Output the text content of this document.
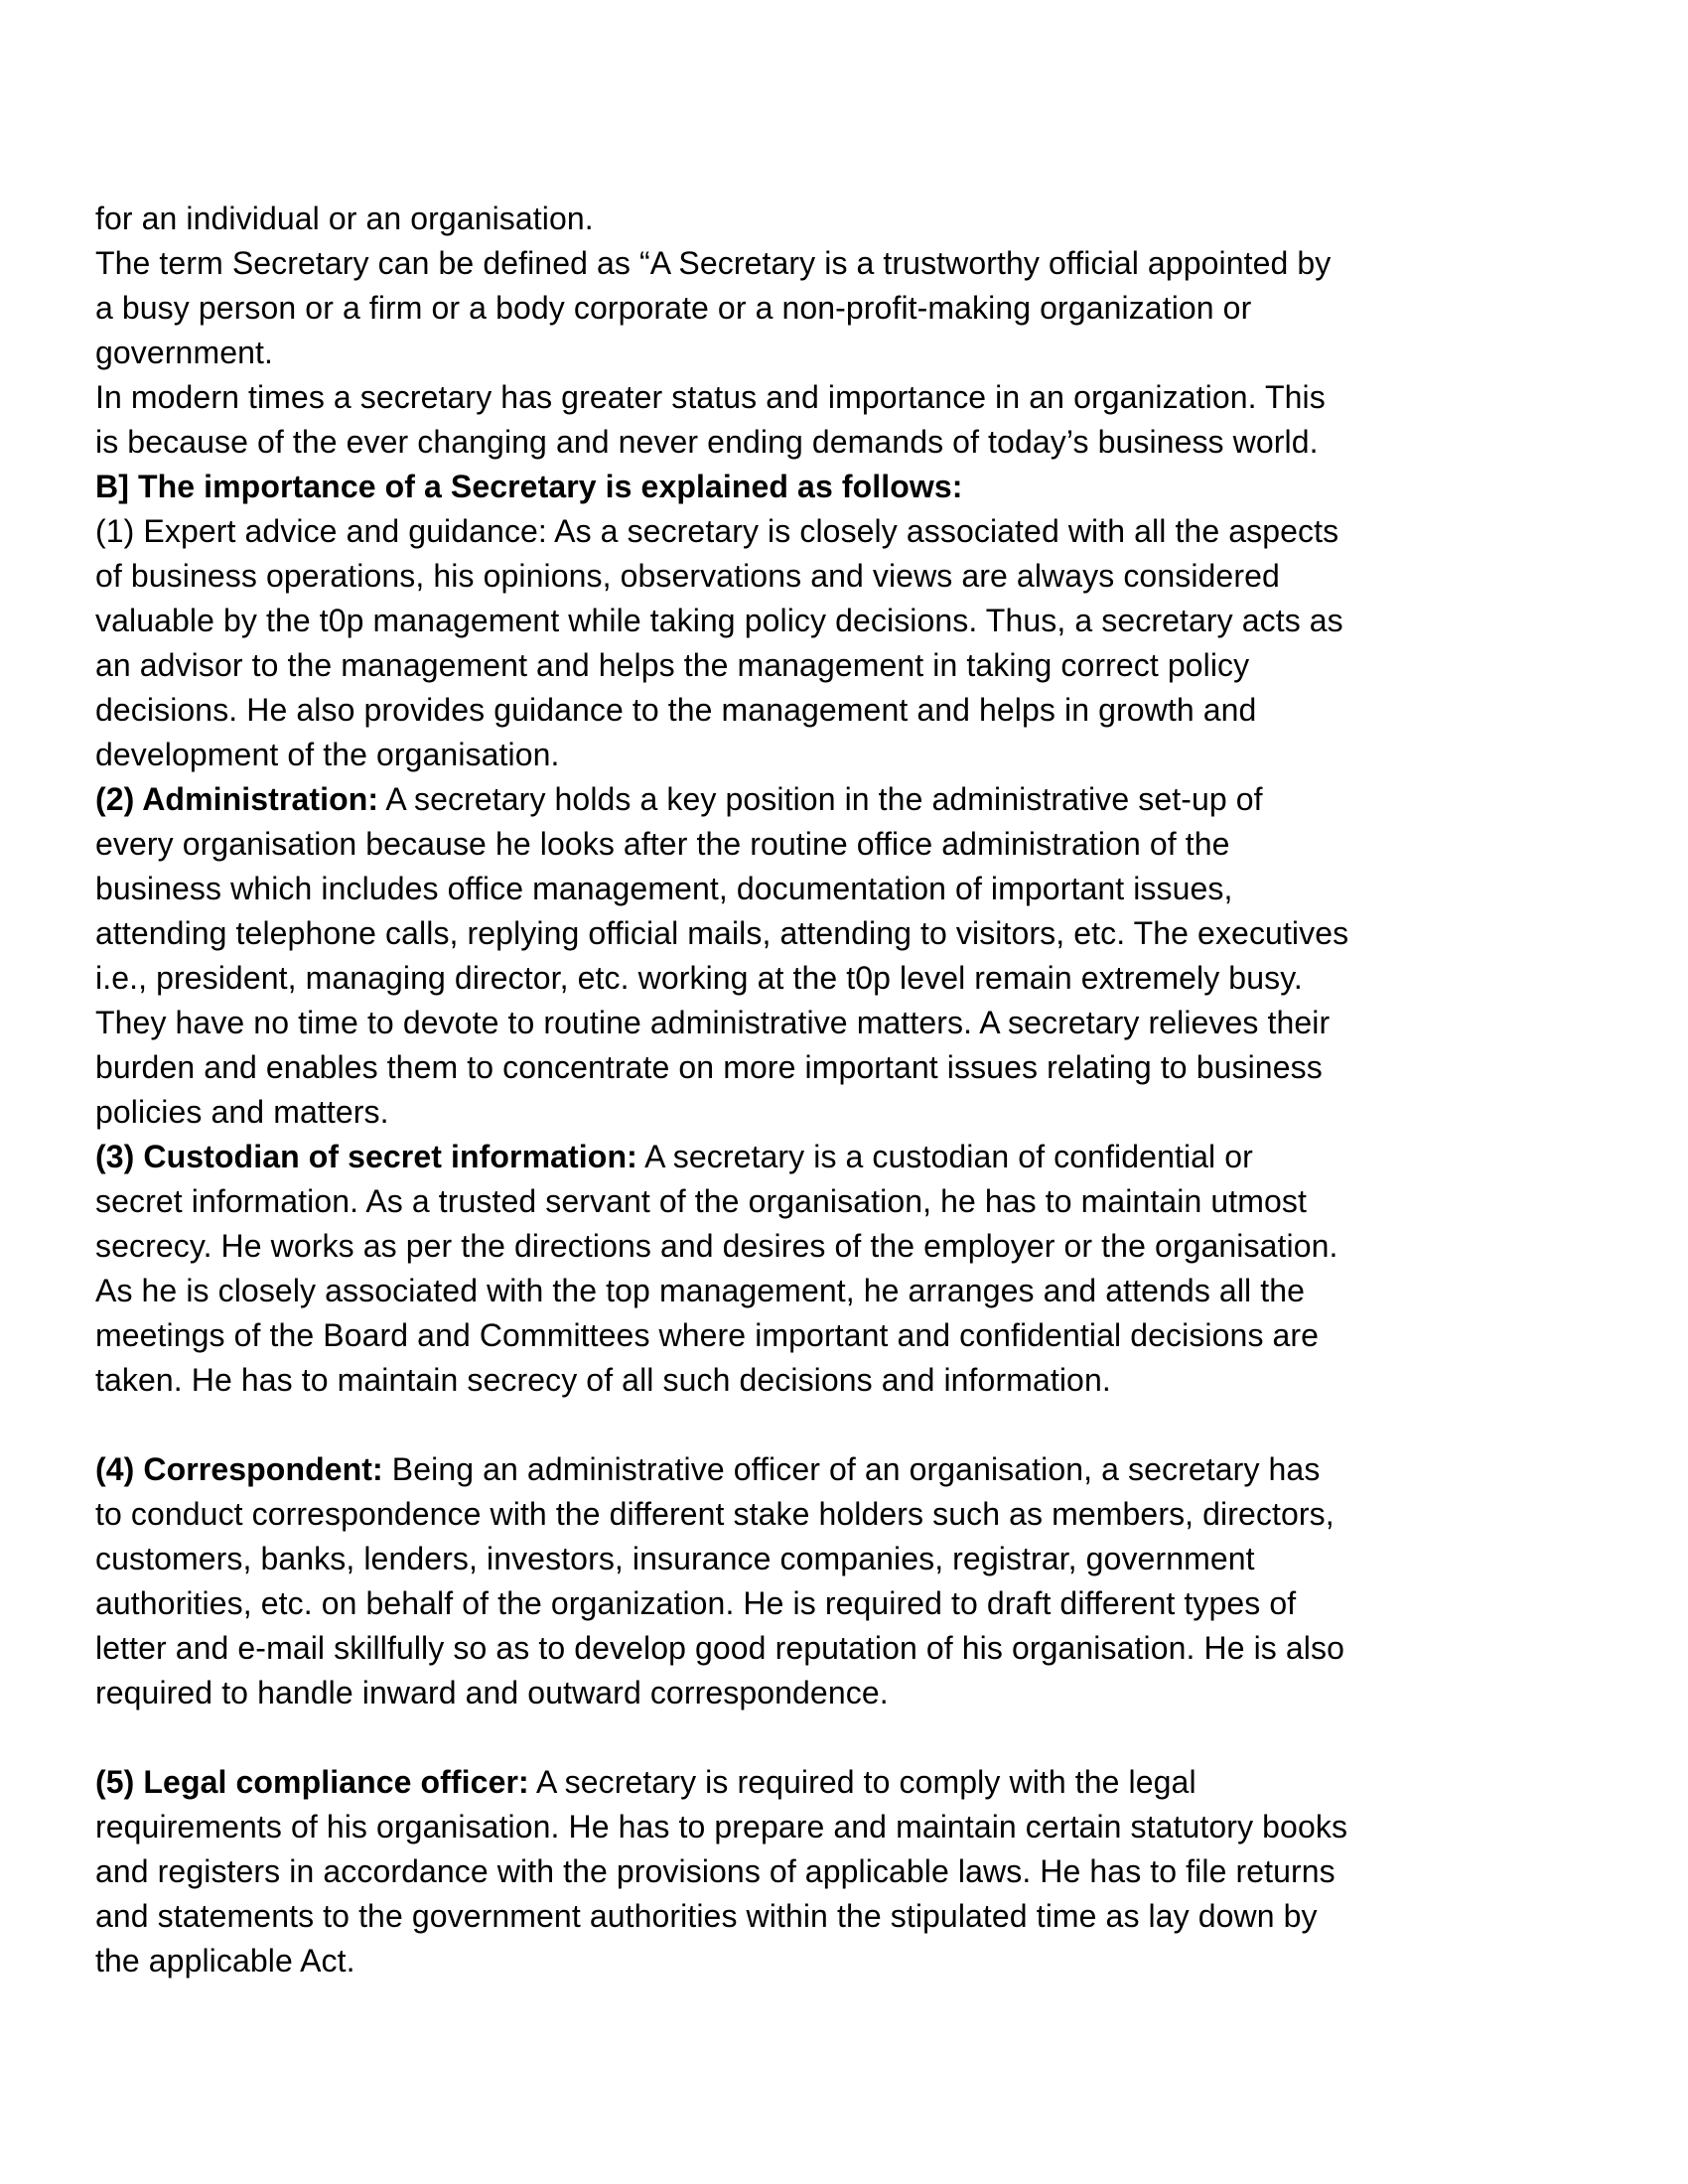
for an individual or an organisation.
The term Secretary can be defined as “A Secretary is a trustworthy official appointed by
a busy person or a firm or a body corporate or a non-profit-making organization or
government.
In modern times a secretary has greater status and importance in an organization. This
is because of the ever changing and never ending demands of today’s business world.
B] The importance of a Secretary is explained as follows:
(1) Expert advice and guidance: As a secretary is closely associated with all the aspects
of business operations, his opinions, observations and views are always considered
valuable by the t0p management while taking policy decisions. Thus, a secretary acts as
an advisor to the management and helps the management in taking correct policy
decisions. He also provides guidance to the management and helps in growth and
development of the organisation.
(2) Administration: A secretary holds a key position in the administrative set-up of
every organisation because he looks after the routine office administration of the
business which includes office management, documentation of important issues,
attending telephone calls, replying official mails, attending to visitors, etc. The executives
i.e., president, managing director, etc. working at the t0p level remain extremely busy.
They have no time to devote to routine administrative matters. A secretary relieves their
burden and enables them to concentrate on more important issues relating to business
policies and matters.
(3) Custodian of secret information: A secretary is a custodian of confidential or
secret information. As a trusted servant of the organisation, he has to maintain utmost
secrecy. He works as per the directions and desires of the employer or the organisation.
As he is closely associated with the top management, he arranges and attends all the
meetings of the Board and Committees where important and confidential decisions are
taken. He has to maintain secrecy of all such decisions and information.
(4) Correspondent: Being an administrative officer of an organisation, a secretary has
to conduct correspondence with the different stake holders such as members, directors,
customers, banks, lenders, investors, insurance companies, registrar, government
authorities, etc. on behalf of the organization. He is required to draft different types of
letter and e-mail skillfully so as to develop good reputation of his organisation. He is also
required to handle inward and outward correspondence.
(5) Legal compliance officer: A secretary is required to comply with the legal
requirements of his organisation. He has to prepare and maintain certain statutory books
and registers in accordance with the provisions of applicable laws. He has to file returns
and statements to the government authorities within the stipulated time as lay down by
the applicable Act.
